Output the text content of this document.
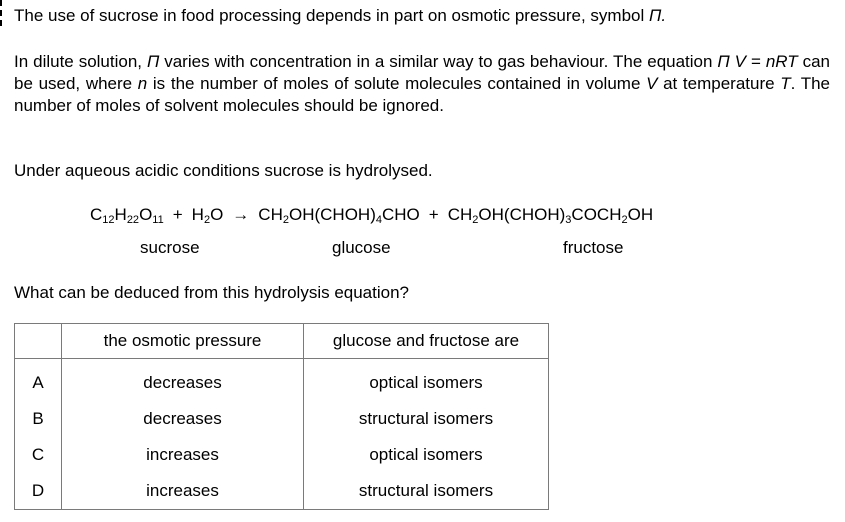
The use of sucrose in food processing depends in part on osmotic pressure, symbol Π.
In dilute solution, Π varies with concentration in a similar way to gas behaviour. The equation Π V = nRT can be used, where n is the number of moles of solute molecules contained in volume V at temperature T. The number of moles of solvent molecules should be ignored.
Under aqueous acidic conditions sucrose is hydrolysed.
$C_{12}H_{22}O_{11} + H_2O$ → $CH_2OH(CHOH)_4CHO$ + $CH_2OH(CHOH)_3COCH_2OH$
sucrose	glucose	fructose
What can be deduced from this hydrolysis equation?
	the osmotic pressure	glucose and fructose are
A	decreases	optical isomers
B	decreases	structural isomers
C	increases	optical isomers
D	increases	structural isomers
